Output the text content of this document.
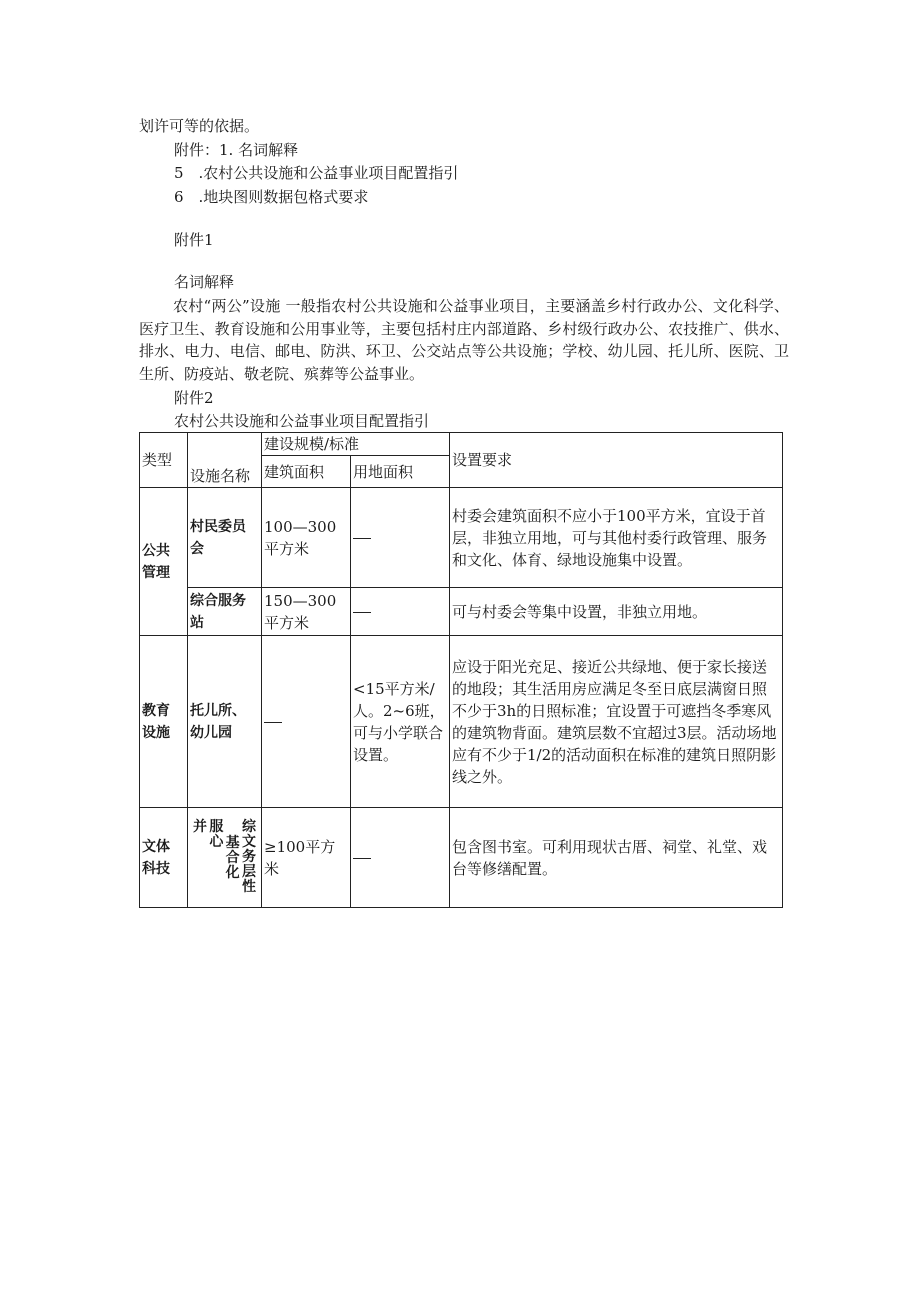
划许可等的依据。
附件：1. 名词解释
5　.农村公共设施和公益事业项目配置指引
6　.地块图则数据包格式要求
附件1
名词解释
农村“两公”设施 一般指农村公共设施和公益事业项目，主要涵盖乡村行政办公、文化科学、医疗卫生、教育设施和公用事业等，主要包括村庄内部道路、乡村级行政办公、农技推广、供水、排水、电力、电信、邮电、防洪、环卫、公交站点等公共设施；学校、幼儿园、托儿所、医院、卫生所、防疫站、敬老院、殡葬等公益事业。
附件2
农村公共设施和公益事业项目配置指引
类型	设施名称	建设规模/标准		设置要求
		建筑面积	用地面积	
公共
管理	村民委员会	100—300平方米		村委会建筑面积不应小于100平方米，宜设于首层，非独立用地，可与其他村委行政管理、服务和文化、体育、绿地设施集中设置。
	综合服务站	150—300平方米		可与村委会等集中设置，非独立用地。
教育
设施	托儿所、幼儿园		<15平方米/人。2~6班，可与小学联合设置。	应设于阳光充足、接近公共绿地、便于家长接送的地段；其生活用房应满足冬至日底层满窗日照不少于3h的日照标准；宜设置于可遮挡冬季寒风的建筑物背面。建筑层数不宜超过3层。活动场地应有不少于1/2的活动面积在标准的建筑日照阴影线之外。
文体
科技	并 服心 基合化
综文务层性	≥100平方米		包含图书室。可利用现状古厝、祠堂、礼堂、戏台等修缮配置。
